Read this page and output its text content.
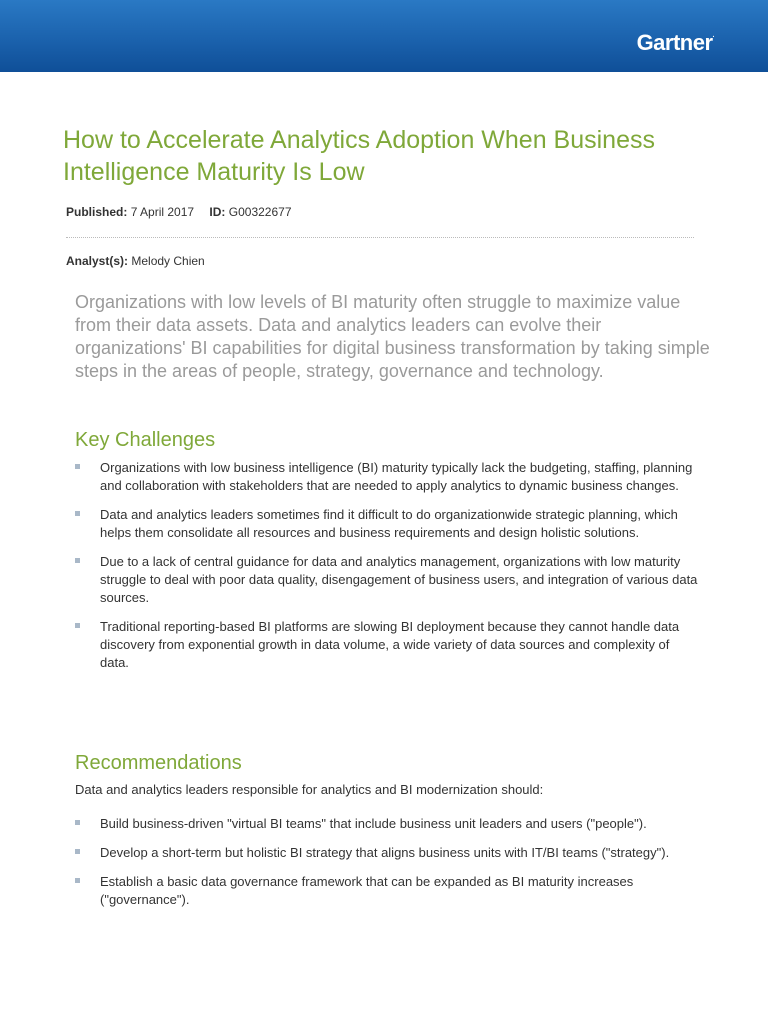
Gartner.
How to Accelerate Analytics Adoption When Business Intelligence Maturity Is Low
Published: 7 April 2017 ID: G00322677
Analyst(s): Melody Chien

Organizations with low levels of BI maturity often struggle to maximize value from their data assets. Data and analytics leaders can evolve their organizations' BI capabilities for digital business transformation by taking simple steps in the areas of people, strategy, governance and technology.

Key Challenges
Organizations with low business intelligence (BI) maturity typically lack the budgeting, staffing, planning and collaboration with stakeholders that are needed to apply analytics to dynamic business changes.
Data and analytics leaders sometimes find it difficult to do organizationwide strategic planning, which helps them consolidate all resources and business requirements and design holistic solutions.
Due to a lack of central guidance for data and analytics management, organizations with low maturity struggle to deal with poor data quality, disengagement of business users, and integration of various data sources.
Traditional reporting-based BI platforms are slowing BI deployment because they cannot handle data discovery from exponential growth in data volume, a wide variety of data sources and complexity of data.
Recommendations
Data and analytics leaders responsible for analytics and BI modernization should:
Build business-driven "virtual BI teams" that include business unit leaders and users ("people").
Develop a short-term but holistic BI strategy that aligns business units with IT/BI teams ("strategy").
Establish a basic data governance framework that can be expanded as BI maturity increases ("governance").
